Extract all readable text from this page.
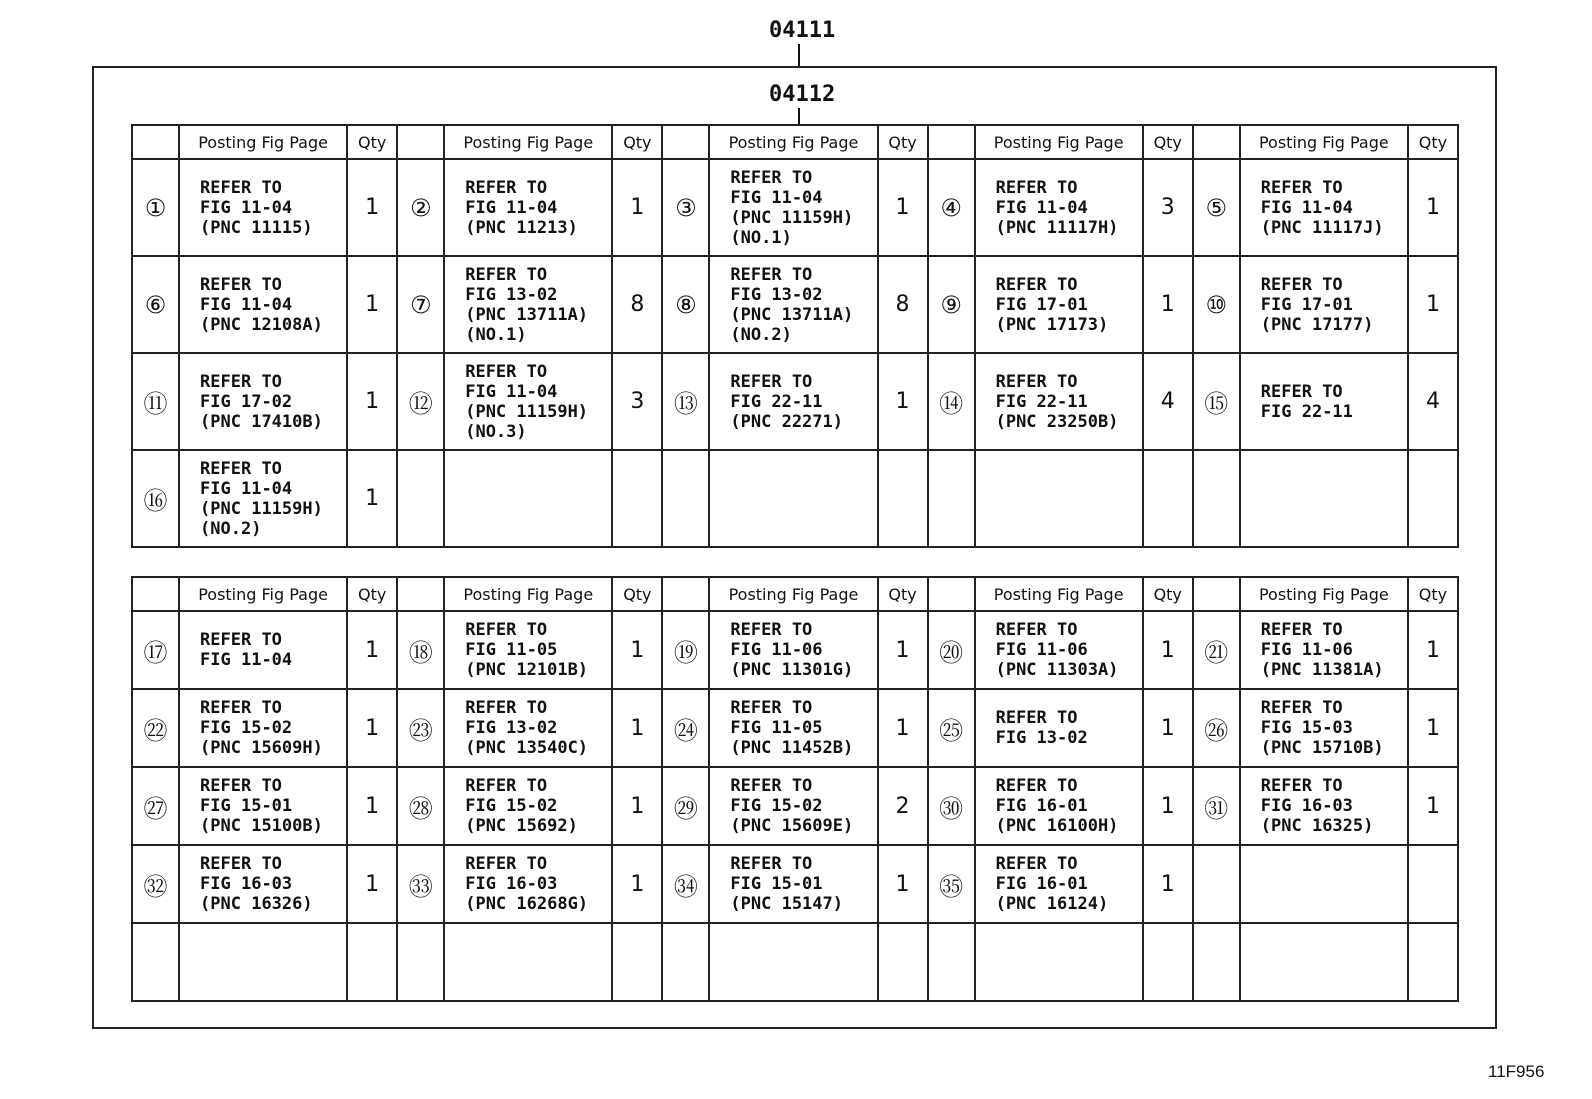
04111
04112
	Posting Fig Page	Qty		Posting Fig Page	Qty		Posting Fig Page	Qty		Posting Fig Page	Qty		Posting Fig Page	Qty
①	REFER TO
FIG 11-04
(PNC 11115)	1	②	REFER TO
FIG 11-04
(PNC 11213)	1	③	REFER TO
FIG 11-04
(PNC 11159H)
(NO.1)	1	④	REFER TO
FIG 11-04
(PNC 11117H)	3	⑤	REFER TO
FIG 11-04
(PNC 11117J)	1
⑥	REFER TO
FIG 11-04
(PNC 12108A)	1	⑦	REFER TO
FIG 13-02
(PNC 13711A)
(NO.1)	8	⑧	REFER TO
FIG 13-02
(PNC 13711A)
(NO.2)	8	⑨	REFER TO
FIG 17-01
(PNC 17173)	1	⑩	REFER TO
FIG 17-01
(PNC 17177)	1
⑪	REFER TO
FIG 17-02
(PNC 17410B)	1	⑫	REFER TO
FIG 11-04
(PNC 11159H)
(NO.3)	3	⑬	REFER TO
FIG 22-11
(PNC 22271)	1	⑭	REFER TO
FIG 22-11
(PNC 23250B)	4	⑮	REFER TO
FIG 22-11	4
⑯	REFER TO
FIG 11-04
(PNC 11159H)
(NO.2)	1												
	Posting Fig Page	Qty		Posting Fig Page	Qty		Posting Fig Page	Qty		Posting Fig Page	Qty		Posting Fig Page	Qty
⑰	REFER TO
FIG 11-04	1	⑱	REFER TO
FIG 11-05
(PNC 12101B)	1	⑲	REFER TO
FIG 11-06
(PNC 11301G)	1	⑳	REFER TO
FIG 11-06
(PNC 11303A)	1	㉑	REFER TO
FIG 11-06
(PNC 11381A)	1
㉒	REFER TO
FIG 15-02
(PNC 15609H)	1	㉓	REFER TO
FIG 13-02
(PNC 13540C)	1	㉔	REFER TO
FIG 11-05
(PNC 11452B)	1	㉕	REFER TO
FIG 13-02	1	㉖	REFER TO
FIG 15-03
(PNC 15710B)	1
㉗	REFER TO
FIG 15-01
(PNC 15100B)	1	㉘	REFER TO
FIG 15-02
(PNC 15692)	1	㉙	REFER TO
FIG 15-02
(PNC 15609E)	2	㉚	REFER TO
FIG 16-01
(PNC 16100H)	1	㉛	REFER TO
FIG 16-03
(PNC 16325)	1
㉜	REFER TO
FIG 16-03
(PNC 16326)	1	㉝	REFER TO
FIG 16-03
(PNC 16268G)	1	㉞	REFER TO
FIG 15-01
(PNC 15147)	1	㉟	REFER TO
FIG 16-01
(PNC 16124)	1			

11F956
